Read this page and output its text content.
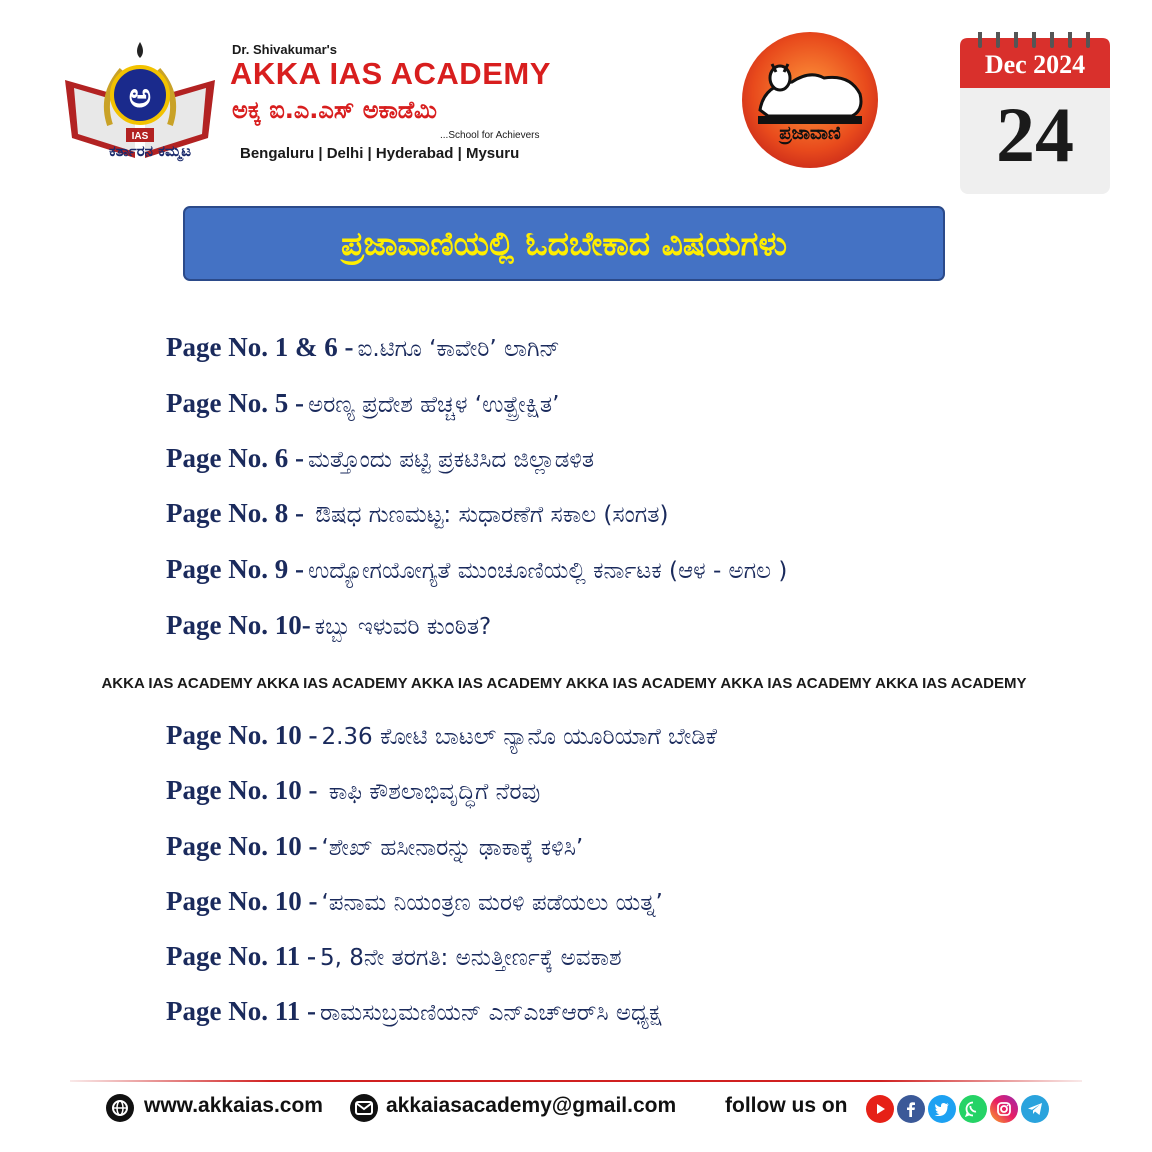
ಅ
IAS
ಕರ್ತಾರನ ಕಮ್ಮಟ
Dr. Shivakumar's
AKKA IAS ACADEMY
ಅಕ್ಕ ಐ.ಎ.ಎಸ್ ಅಕಾಡೆಮಿ
...School for Achievers
Bengaluru | Delhi | Hyderabad | Mysuru
ಪ್ರಜಾವಾಣಿ
Dec 2024
24
ಪ್ರಜಾವಾಣಿಯಲ್ಲಿ ಓದಬೇಕಾದ ವಿಷಯಗಳು
Page No. 1 & 6 - ಐ.ಟಿಗೂ ‘ಕಾವೇರಿ’ ಲಾಗಿನ್
Page No. 5 - ಅರಣ್ಯ ಪ್ರದೇಶ ಹೆಚ್ಚಳ ‘ಉತ್ಪ್ರೇಕ್ಷಿತ’
Page No. 6 - ಮತ್ತೊಂದು ಪಟ್ಟಿ ಪ್ರಕಟಿಸಿದ ಜಿಲ್ಲಾಡಳಿತ
Page No. 8 - ಔಷಧ ಗುಣಮಟ್ಟ: ಸುಧಾರಣೆಗೆ ಸಕಾಲ (ಸಂಗತ)
Page No. 9 - ಉದ್ಯೋಗಯೋಗ್ಯತೆ ಮುಂಚೂಣಿಯಲ್ಲಿ ಕರ್ನಾಟಕ (ಆಳ - ಅಗಲ )
Page No. 10- ಕಬ್ಬು ಇಳುವರಿ ಕುಂಠಿತ?
AKKA IAS ACADEMY AKKA IAS ACADEMY AKKA IAS ACADEMY AKKA IAS ACADEMY AKKA IAS ACADEMY AKKA IAS ACADEMY
Page No. 10 - 2.36 ಕೋಟಿ ಬಾಟಲ್ ನ್ಯಾನೊ ಯೂರಿಯಾಗೆ ಬೇಡಿಕೆ
Page No. 10 - ಕಾಫಿ ಕೌಶಲಾಭಿವೃದ್ಧಿಗೆ ನೆರವು
Page No. 10 - ‘ಶೇಖ್ ಹಸೀನಾರನ್ನು ಢಾಕಾಕ್ಕೆ ಕಳಿಸಿ’
Page No. 10 - ‘ಪನಾಮ ನಿಯಂತ್ರಣ ಮರಳಿ ಪಡೆಯಲು ಯತ್ನ’
Page No. 11 - 5, 8ನೇ ತರಗತಿ: ಅನುತ್ತೀರ್ಣಕ್ಕೆ ಅವಕಾಶ
Page No. 11 - ರಾಮಸುಬ್ರಮಣಿಯನ್ ಎನ್‌ಎಚ್‌ಆರ್‌ಸಿ ಅಧ್ಯಕ್ಷ
www.akkaias.com	akkaiasacademy@gmail.com follow us on
